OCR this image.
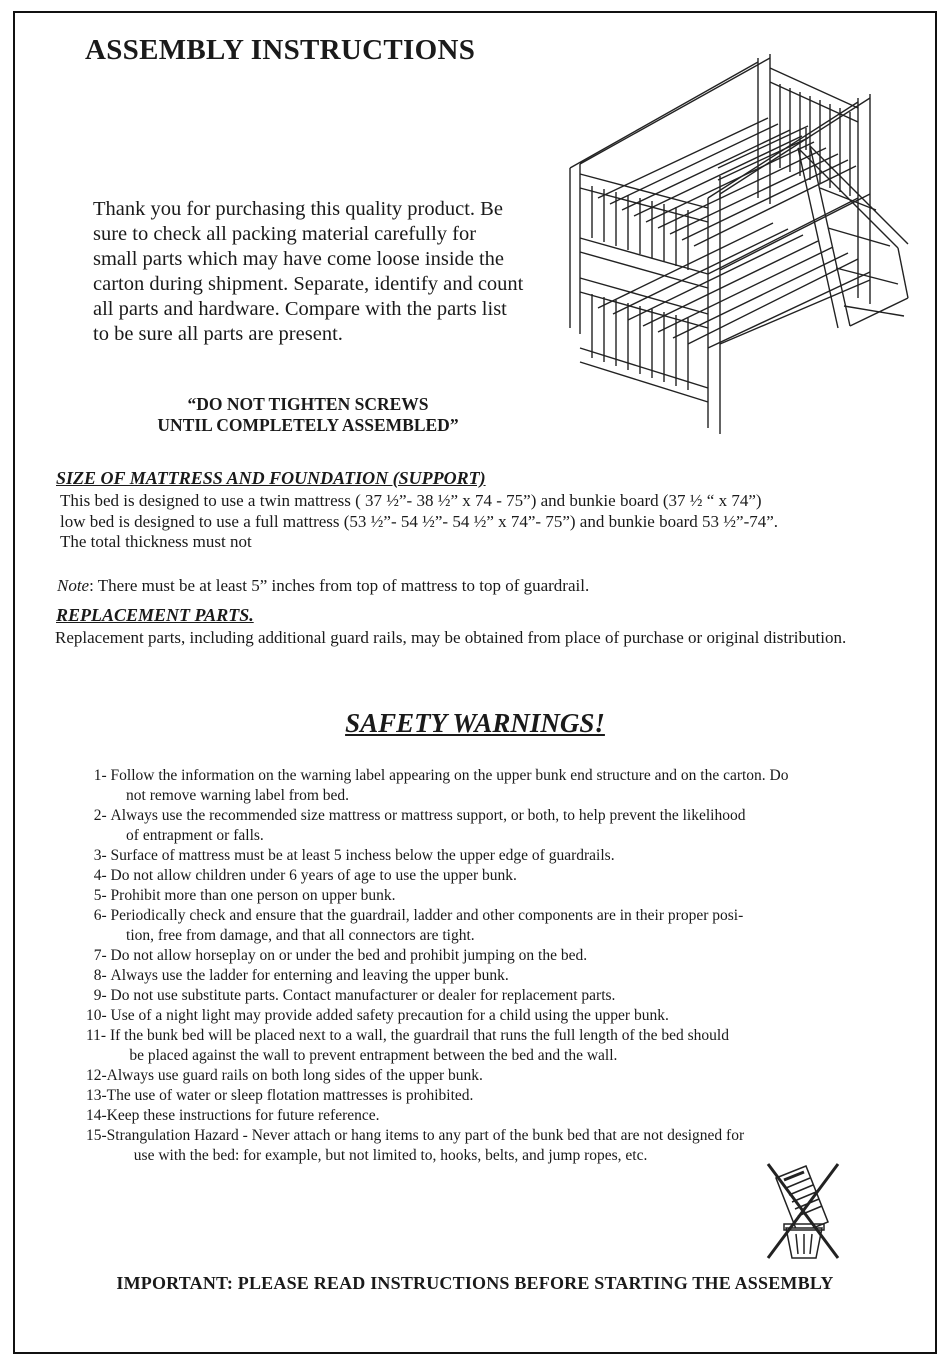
ASSEMBLY INSTRUCTIONS
Thank you for purchasing this quality product. Be sure to check all packing material carefully for small parts which may have come loose inside the carton during shipment. Separate, identify and count all parts and hardware. Compare with the parts list to be sure all parts are present.
“DO NOT TIGHTEN SCREWS
UNTIL COMPLETELY ASSEMBLED”
SIZE OF MATTRESS AND FOUNDATION (SUPPORT)
This bed is designed to use a twin mattress ( 37 ½”- 38 ½” x 74 - 75”) and bunkie board (37 ½ “ x 74”)
low bed is designed to use a full mattress (53 ½”- 54 ½”- 54 ½” x 74”- 75”) and bunkie board 53 ½”-74”.
The total thickness must not
Note: There must be at least 5” inches from top of mattress to top of guardrail.
REPLACEMENT PARTS.
Replacement parts, including additional guard rails, may be obtained from place of purchase or original distribution.
SAFETY WARNINGS!
1- Follow the information on the warning label appearing on the upper bunk end structure and on the carton. Do
not remove warning label from bed.
2- Always use the recommended size mattress or mattress support, or both, to help prevent the likelihood
of entrapment or falls.
3- Surface of mattress must be at least 5 inchess below the upper edge of guardrails.
4- Do not allow children under 6 years of age to use the upper bunk.
5- Prohibit more than one person on upper bunk.
6- Periodically check and ensure that the guardrail, ladder and other components are in their proper posi-
tion, free from damage, and that all connectors are tight.
7- Do not allow horseplay on or under the bed and prohibit jumping on the bed.
8- Always use the ladder for enterning and leaving the upper bunk.
9- Do not use substitute parts. Contact manufacturer or dealer for replacement parts.
10- Use of a night light may provide added safety precaution for a child using the upper bunk.
11- If the bunk bed will be placed next to a wall, the guardrail that runs the full length of the bed should
be placed against the wall to prevent entrapment between the bed and the wall.
12- Always use guard rails on both long sides of the upper bunk.
13- The use of water or sleep flotation mattresses is prohibited.
14- Keep these instructions for future reference.
15- Strangulation Hazard - Never attach or hang items to any part of the bunk bed that are not designed for
use with the bed: for example, but not limited to, hooks, belts, and jump ropes, etc.
IMPORTANT: PLEASE READ INSTRUCTIONS BEFORE STARTING THE ASSEMBLY
